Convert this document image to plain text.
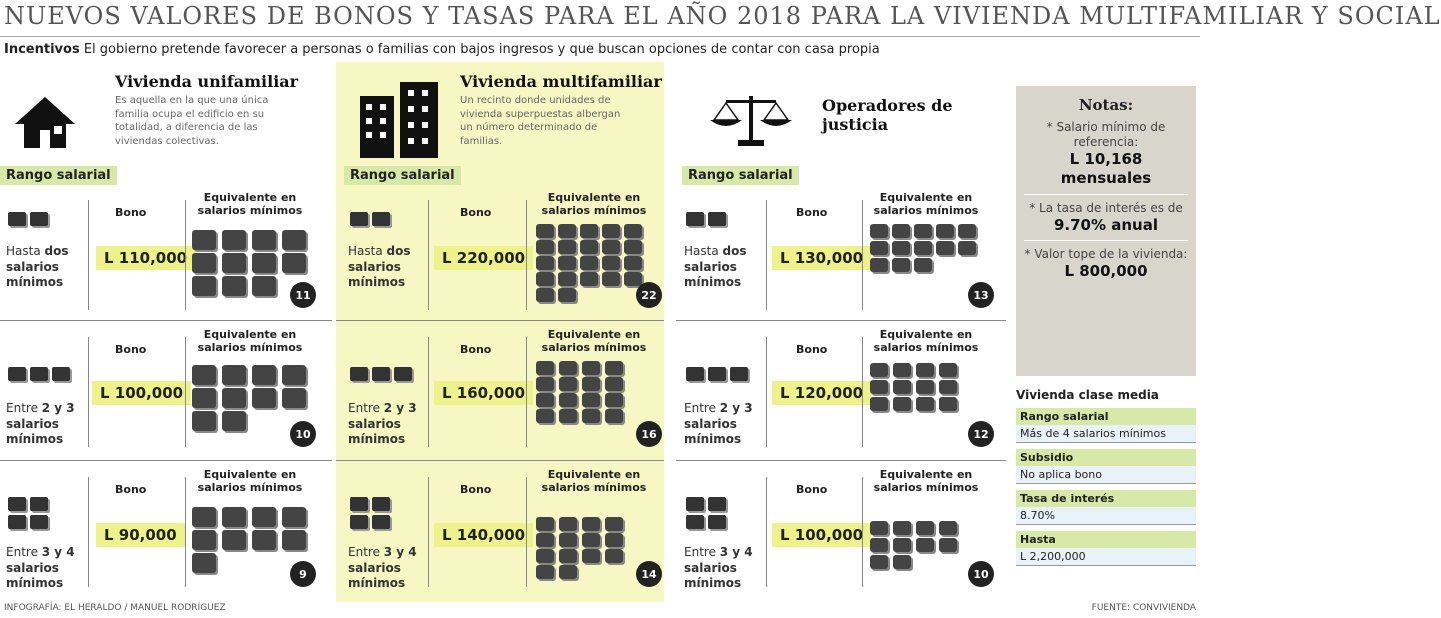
NUEVOS VALORES DE BONOS Y TASAS PARA EL AÑO 2018 PARA LA VIVIENDA MULTIFAMILIAR Y SOCIAL
Incentivos El gobierno pretende favorecer a personas o familias con bajos ingresos y que buscan opciones de contar con casa propia
Vivienda unifamiliar
Es aquella en la que una única familia ocupa el edificio en su totalidad, a diferencia de las viviendas colectivas.
Rango salarial
Hasta dos
salarios mínimos
Bono
L 110,000
Equivalente en salarios mínimos
11
Entre 2 y 3
salarios mínimos
Bono
L 100,000
Equivalente en salarios mínimos
10
Entre 3 y 4
salarios mínimos
Bono
L 90,000
Equivalente en salarios mínimos
9
Vivienda multifamiliar
Un recinto donde unidades de vivienda superpuestas albergan un número determinado de familias.
Rango salarial
Hasta dos
salarios mínimos
Bono
L 220,000
Equivalente en salarios mínimos
22
Entre 2 y 3
salarios mínimos
Bono
L 160,000
Equivalente en salarios mínimos
16
Entre 3 y 4
salarios mínimos
Bono
L 140,000
Equivalente en salarios mínimos
14
Operadores de justicia
Rango salarial
Hasta dos
salarios mínimos
Bono
L 130,000
Equivalente en salarios mínimos
13
Entre 2 y 3
salarios mínimos
Bono
L 120,000
Equivalente en salarios mínimos
12
Entre 3 y 4
salarios mínimos
Bono
L 100,000
Equivalente en salarios mínimos
10
Notas:
* Salario mínimo de referencia:
L 10,168 mensuales
* La tasa de interés es de
9.70% anual
* Valor tope de la vivienda:
L 800,000
Vivienda clase media
Rango salarial
Más de 4 salarios mínimos
Subsidio
No aplica bono
Tasa de interés
8.70%
Hasta
L 2,200,000
INFOGRAFÍA: EL HERALDO / MANUEL RODRÍGUEZ	FUENTE: CONVIVIENDA
